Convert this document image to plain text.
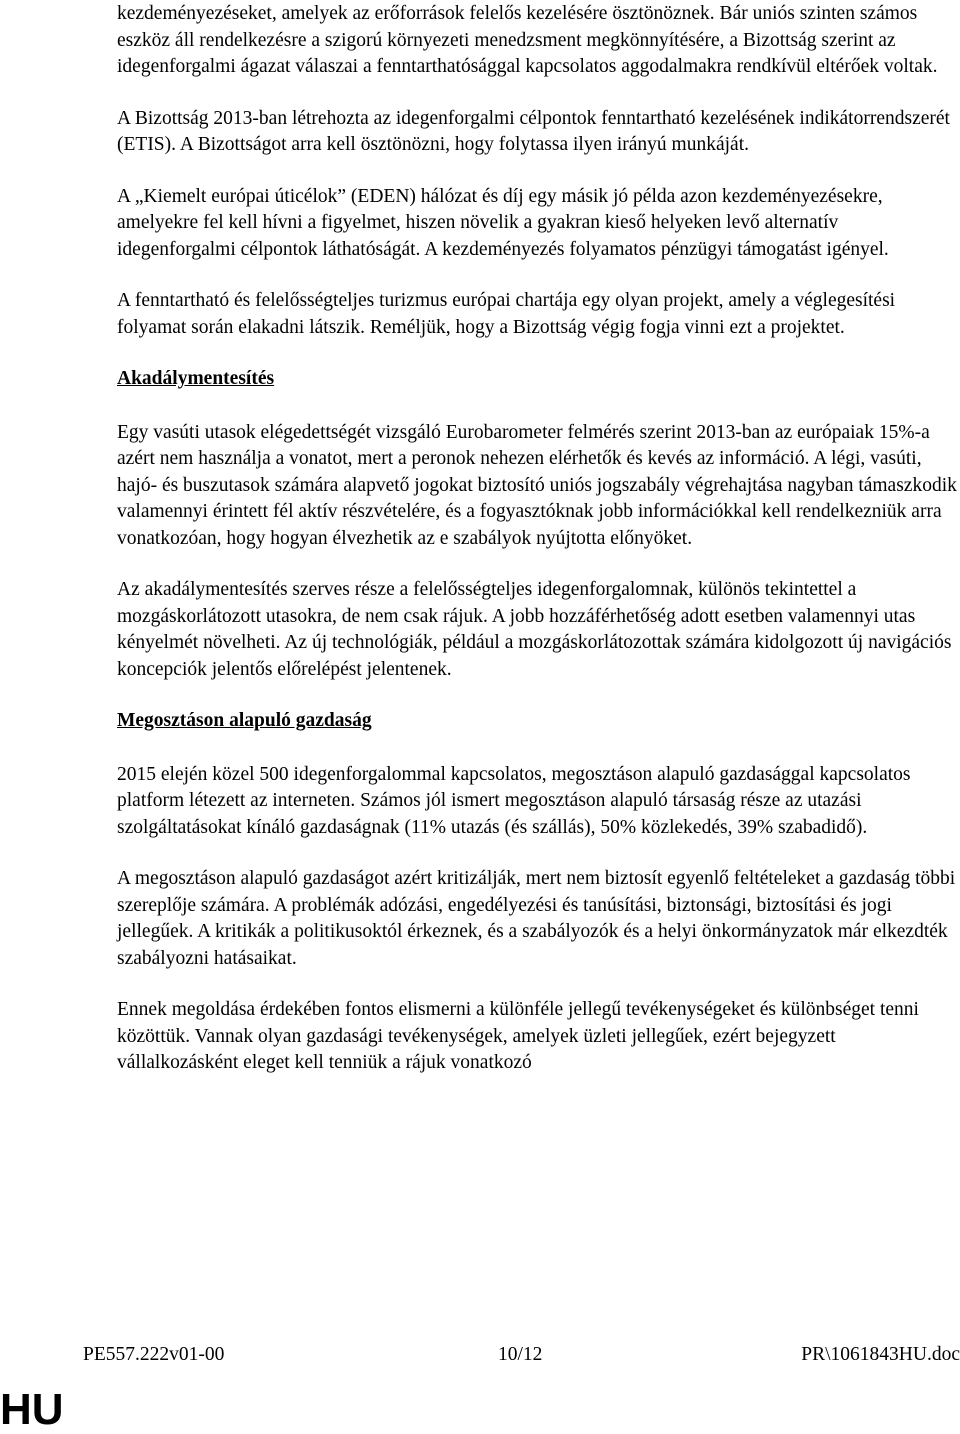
kezdeményezéseket, amelyek az erőforrások felelős kezelésére ösztönöznek. Bár uniós szinten számos eszköz áll rendelkezésre a szigorú környezeti menedzsment megkönnyítésére, a Bizottság szerint az idegenforgalmi ágazat válaszai a fenntarthatósággal kapcsolatos aggodalmakra rendkívül eltérőek voltak.

A Bizottság 2013-ban létrehozta az idegenforgalmi célpontok fenntartható kezelésének indikátorrendszerét (ETIS). A Bizottságot arra kell ösztönözni, hogy folytassa ilyen irányú munkáját.

A „Kiemelt európai úticélok” (EDEN) hálózat és díj egy másik jó példa azon kezdeményezésekre, amelyekre fel kell hívni a figyelmet, hiszen növelik a gyakran kieső helyeken levő alternatív idegenforgalmi célpontok láthatóságát. A kezdeményezés folyamatos pénzügyi támogatást igényel.

A fenntartható és felelősségteljes turizmus európai chartája egy olyan projekt, amely a véglegesítési folyamat során elakadni látszik. Reméljük, hogy a Bizottság végig fogja vinni ezt a projektet.

Akadálymentesítés

Egy vasúti utasok elégedettségét vizsgáló Eurobarometer felmérés szerint 2013-ban az európaiak 15%-a azért nem használja a vonatot, mert a peronok nehezen elérhetők és kevés az információ. A légi, vasúti, hajó- és buszutasok számára alapvető jogokat biztosító uniós jogszabály végrehajtása nagyban támaszkodik valamennyi érintett fél aktív részvételére, és a fogyasztóknak jobb információkkal kell rendelkezniük arra vonatkozóan, hogy hogyan élvezhetik az e szabályok nyújtotta előnyöket.

Az akadálymentesítés szerves része a felelősségteljes idegenforgalomnak, különös tekintettel a mozgáskorlátozott utasokra, de nem csak rájuk. A jobb hozzáférhetőség adott esetben valamennyi utas kényelmét növelheti. Az új technológiák, például a mozgáskorlátozottak számára kidolgozott új navigációs koncepciók jelentős előrelépést jelentenek.

Megosztáson alapuló gazdaság

2015 elején közel 500 idegenforgalommal kapcsolatos, megosztáson alapuló gazdasággal kapcsolatos platform létezett az interneten. Számos jól ismert megosztáson alapuló társaság része az utazási szolgáltatásokat kínáló gazdaságnak (11% utazás (és szállás), 50% közlekedés, 39% szabadidő).

A megosztáson alapuló gazdaságot azért kritizálják, mert nem biztosít egyenlő feltételeket a gazdaság többi szereplője számára. A problémák adózási, engedélyezési és tanúsítási, biztonsági, biztosítási és jogi jellegűek. A kritikák a politikusoktól érkeznek, és a szabályozók és a helyi önkormányzatok már elkezdték szabályozni hatásaikat.

Ennek megoldása érdekében fontos elismerni a különféle jellegű tevékenységeket és különbséget tenni közöttük. Vannak olyan gazdasági tevékenységek, amelyek üzleti jellegűek, ezért bejegyzett vállalkozásként eleget kell tenniük a rájuk vonatkozó

PE557.222v01-00	10/12	PR\1061843HU.doc
HU
